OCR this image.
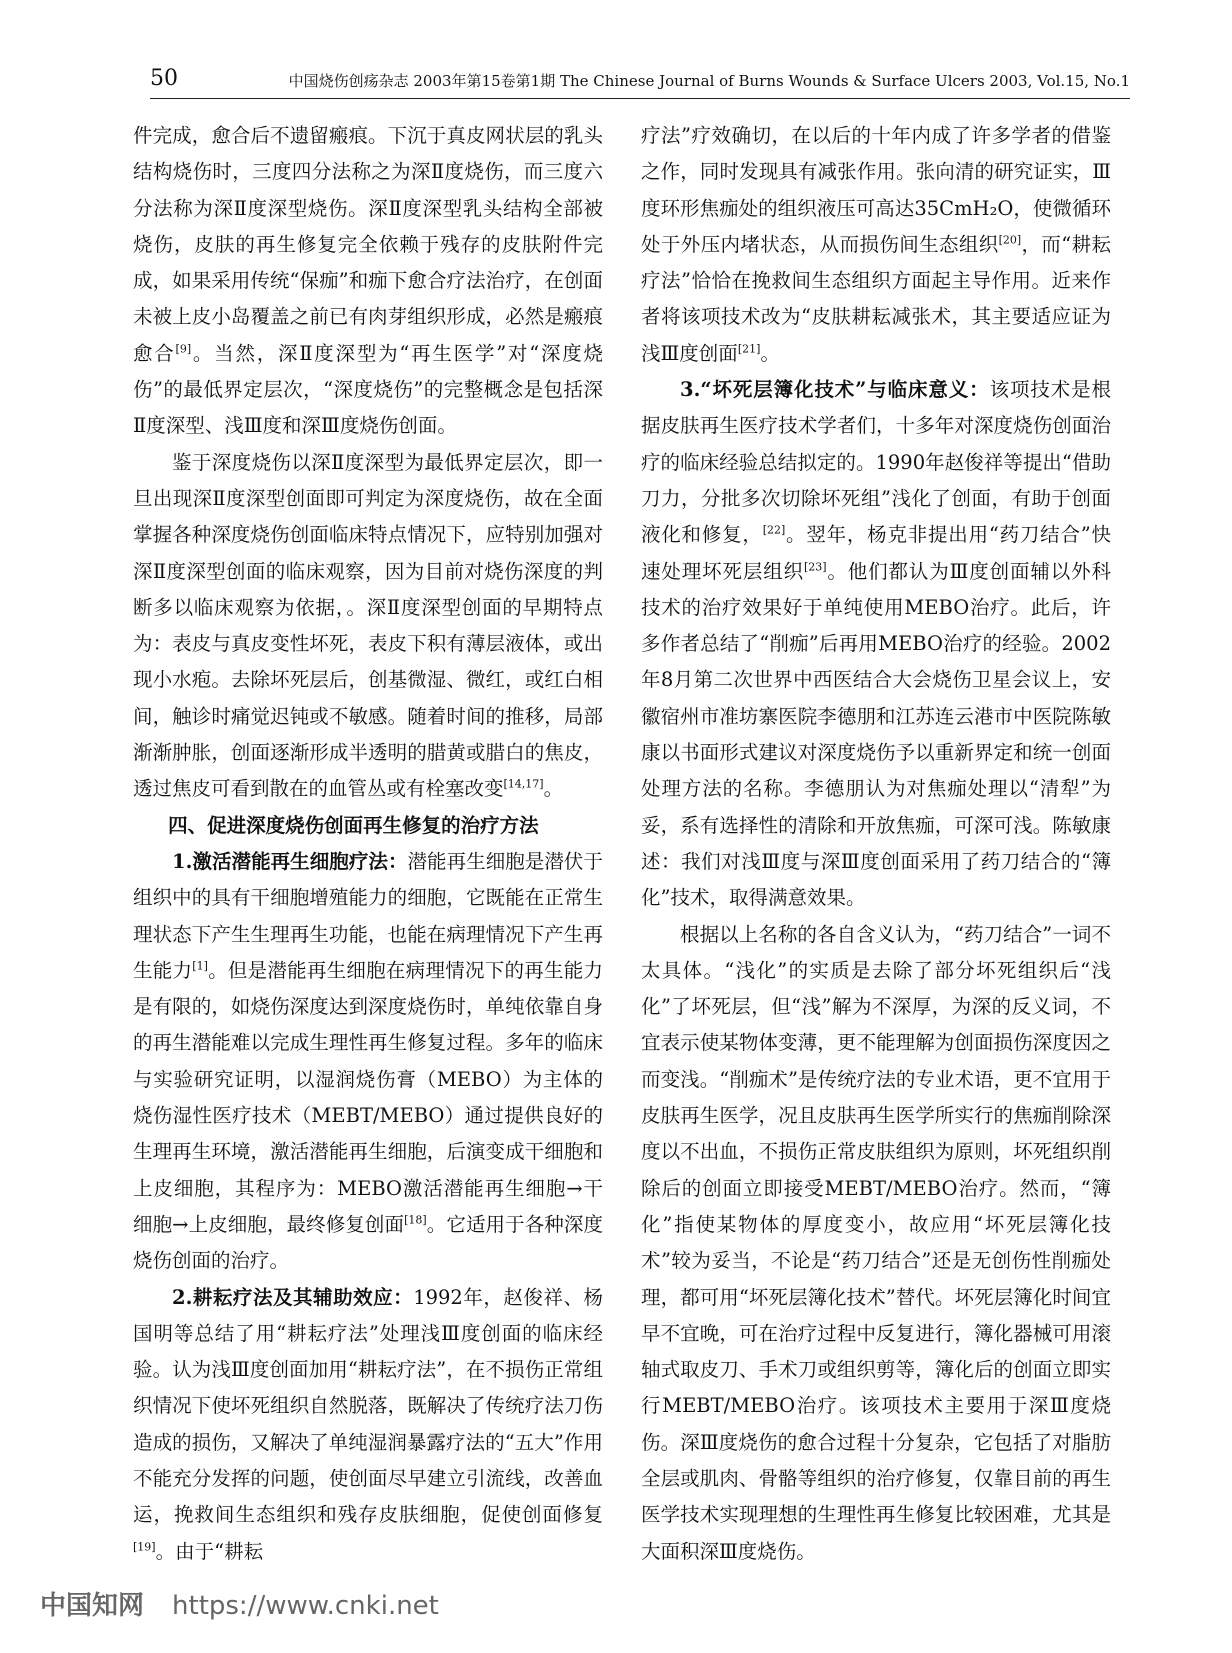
50	中国烧伤创疡杂志 2003年第15卷第1期 The Chinese Journal of Burns Wounds & Surface Ulcers 2003, Vol.15, No.1

件完成，愈合后不遗留瘢痕。下沉于真皮网状层的乳头结构烧伤时，三度四分法称之为深Ⅱ度烧伤，而三度六分法称为深Ⅱ度深型烧伤。深Ⅱ度深型乳头结构全部被烧伤，皮肤的再生修复完全依赖于残存的皮肤附件完成，如果采用传统“保痂”和痂下愈合疗法治疗，在创面未被上皮小岛覆盖之前已有肉芽组织形成，必然是瘢痕愈合[9]。当然，深Ⅱ度深型为“再生医学”对“深度烧伤”的最低界定层次，“深度烧伤”的完整概念是包括深Ⅱ度深型、浅Ⅲ度和深Ⅲ度烧伤创面。

鉴于深度烧伤以深Ⅱ度深型为最低界定层次，即一旦出现深Ⅱ度深型创面即可判定为深度烧伤，故在全面掌握各种深度烧伤创面临床特点情况下，应特别加强对深Ⅱ度深型创面的临床观察，因为目前对烧伤深度的判断多以临床观察为依据，。深Ⅱ度深型创面的早期特点为：表皮与真皮变性坏死，表皮下积有薄层液体，或出现小水疱。去除坏死层后，创基微湿、微红，或红白相间，触诊时痛觉迟钝或不敏感。随着时间的推移，局部渐渐肿胀，创面逐渐形成半透明的腊黄或腊白的焦皮，透过焦皮可看到散在的血管丛或有栓塞改变[14,17]。

四、促进深度烧伤创面再生修复的治疗方法

1.激活潜能再生细胞疗法：潜能再生细胞是潜伏于组织中的具有干细胞增殖能力的细胞，它既能在正常生理状态下产生生理再生功能，也能在病理情况下产生再生能力[1]。但是潜能再生细胞在病理情况下的再生能力是有限的，如烧伤深度达到深度烧伤时，单纯依靠自身的再生潜能难以完成生理性再生修复过程。多年的临床与实验研究证明，以湿润烧伤膏（MEBO）为主体的烧伤湿性医疗技术（MEBT/MEBO）通过提供良好的生理再生环境，激活潜能再生细胞，后演变成干细胞和上皮细胞，其程序为：MEBO激活潜能再生细胞→干细胞→上皮细胞，最终修复创面[18]。它适用于各种深度烧伤创面的治疗。

2.耕耘疗法及其辅助效应：1992年，赵俊祥、杨国明等总结了用“耕耘疗法”处理浅Ⅲ度创面的临床经验。认为浅Ⅲ度创面加用“耕耘疗法”，在不损伤正常组织情况下使坏死组织自然脱落，既解决了传统疗法刀伤造成的损伤，又解决了单纯湿润暴露疗法的“五大”作用不能充分发挥的问题，使创面尽早建立引流线，改善血运，挽救间生态组织和残存皮肤细胞，促使创面修复[19]。由于“耕耘

疗法”疗效确切，在以后的十年内成了许多学者的借鉴之作，同时发现具有减张作用。张向清的研究证实，Ⅲ度环形焦痂处的组织液压可高达35CmH₂O，使微循环处于外压内堵状态，从而损伤间生态组织[20]，而“耕耘疗法”恰恰在挽救间生态组织方面起主导作用。近来作者将该项技术改为“皮肤耕耘减张术，其主要适应证为浅Ⅲ度创面[21]。

3.“坏死层簿化技术”与临床意义：该项技术是根据皮肤再生医疗技术学者们，十多年对深度烧伤创面治疗的临床经验总结拟定的。1990年赵俊祥等提出“借助刀力，分批多次切除坏死组”浅化了创面，有助于创面液化和修复，[22]。翌年，杨克非提出用“药刀结合”快速处理坏死层组织[23]。他们都认为Ⅲ度创面辅以外科技术的治疗效果好于单纯使用MEBO治疗。此后，许多作者总结了“削痂”后再用MEBO治疗的经验。2002年8月第二次世界中西医结合大会烧伤卫星会议上，安徽宿州市准坊寨医院李德朋和江苏连云港市中医院陈敏康以书面形式建议对深度烧伤予以重新界定和统一创面处理方法的名称。李德朋认为对焦痂处理以“清犁”为妥，系有选择性的清除和开放焦痂，可深可浅。陈敏康述：我们对浅Ⅲ度与深Ⅲ度创面采用了药刀结合的“簿化”技术，取得满意效果。

根据以上名称的各自含义认为，“药刀结合”一词不太具体。“浅化”的实质是去除了部分坏死组织后“浅化”了坏死层，但“浅”解为不深厚，为深的反义词，不宜表示使某物体变薄，更不能理解为创面损伤深度因之而变浅。“削痂术”是传统疗法的专业术语，更不宜用于皮肤再生医学，况且皮肤再生医学所实行的焦痂削除深度以不出血，不损伤正常皮肤组织为原则，坏死组织削除后的创面立即接受MEBT/MEBO治疗。然而，“簿化”指使某物体的厚度变小，故应用“坏死层簿化技术”较为妥当，不论是“药刀结合”还是无创伤性削痂处理，都可用“坏死层簿化技术”替代。坏死层簿化时间宜早不宜晚，可在治疗过程中反复进行，簿化器械可用滚轴式取皮刀、手术刀或组织剪等，簿化后的创面立即实行MEBT/MEBO治疗。该项技术主要用于深Ⅲ度烧伤。深Ⅲ度烧伤的愈合过程十分复杂，它包括了对脂肪全层或肌肉、骨骼等组织的治疗修复，仅靠目前的再生医学技术实现理想的生理性再生修复比较困难，尤其是大面积深Ⅲ度烧伤。

中国知网 https://www.cnki.net
